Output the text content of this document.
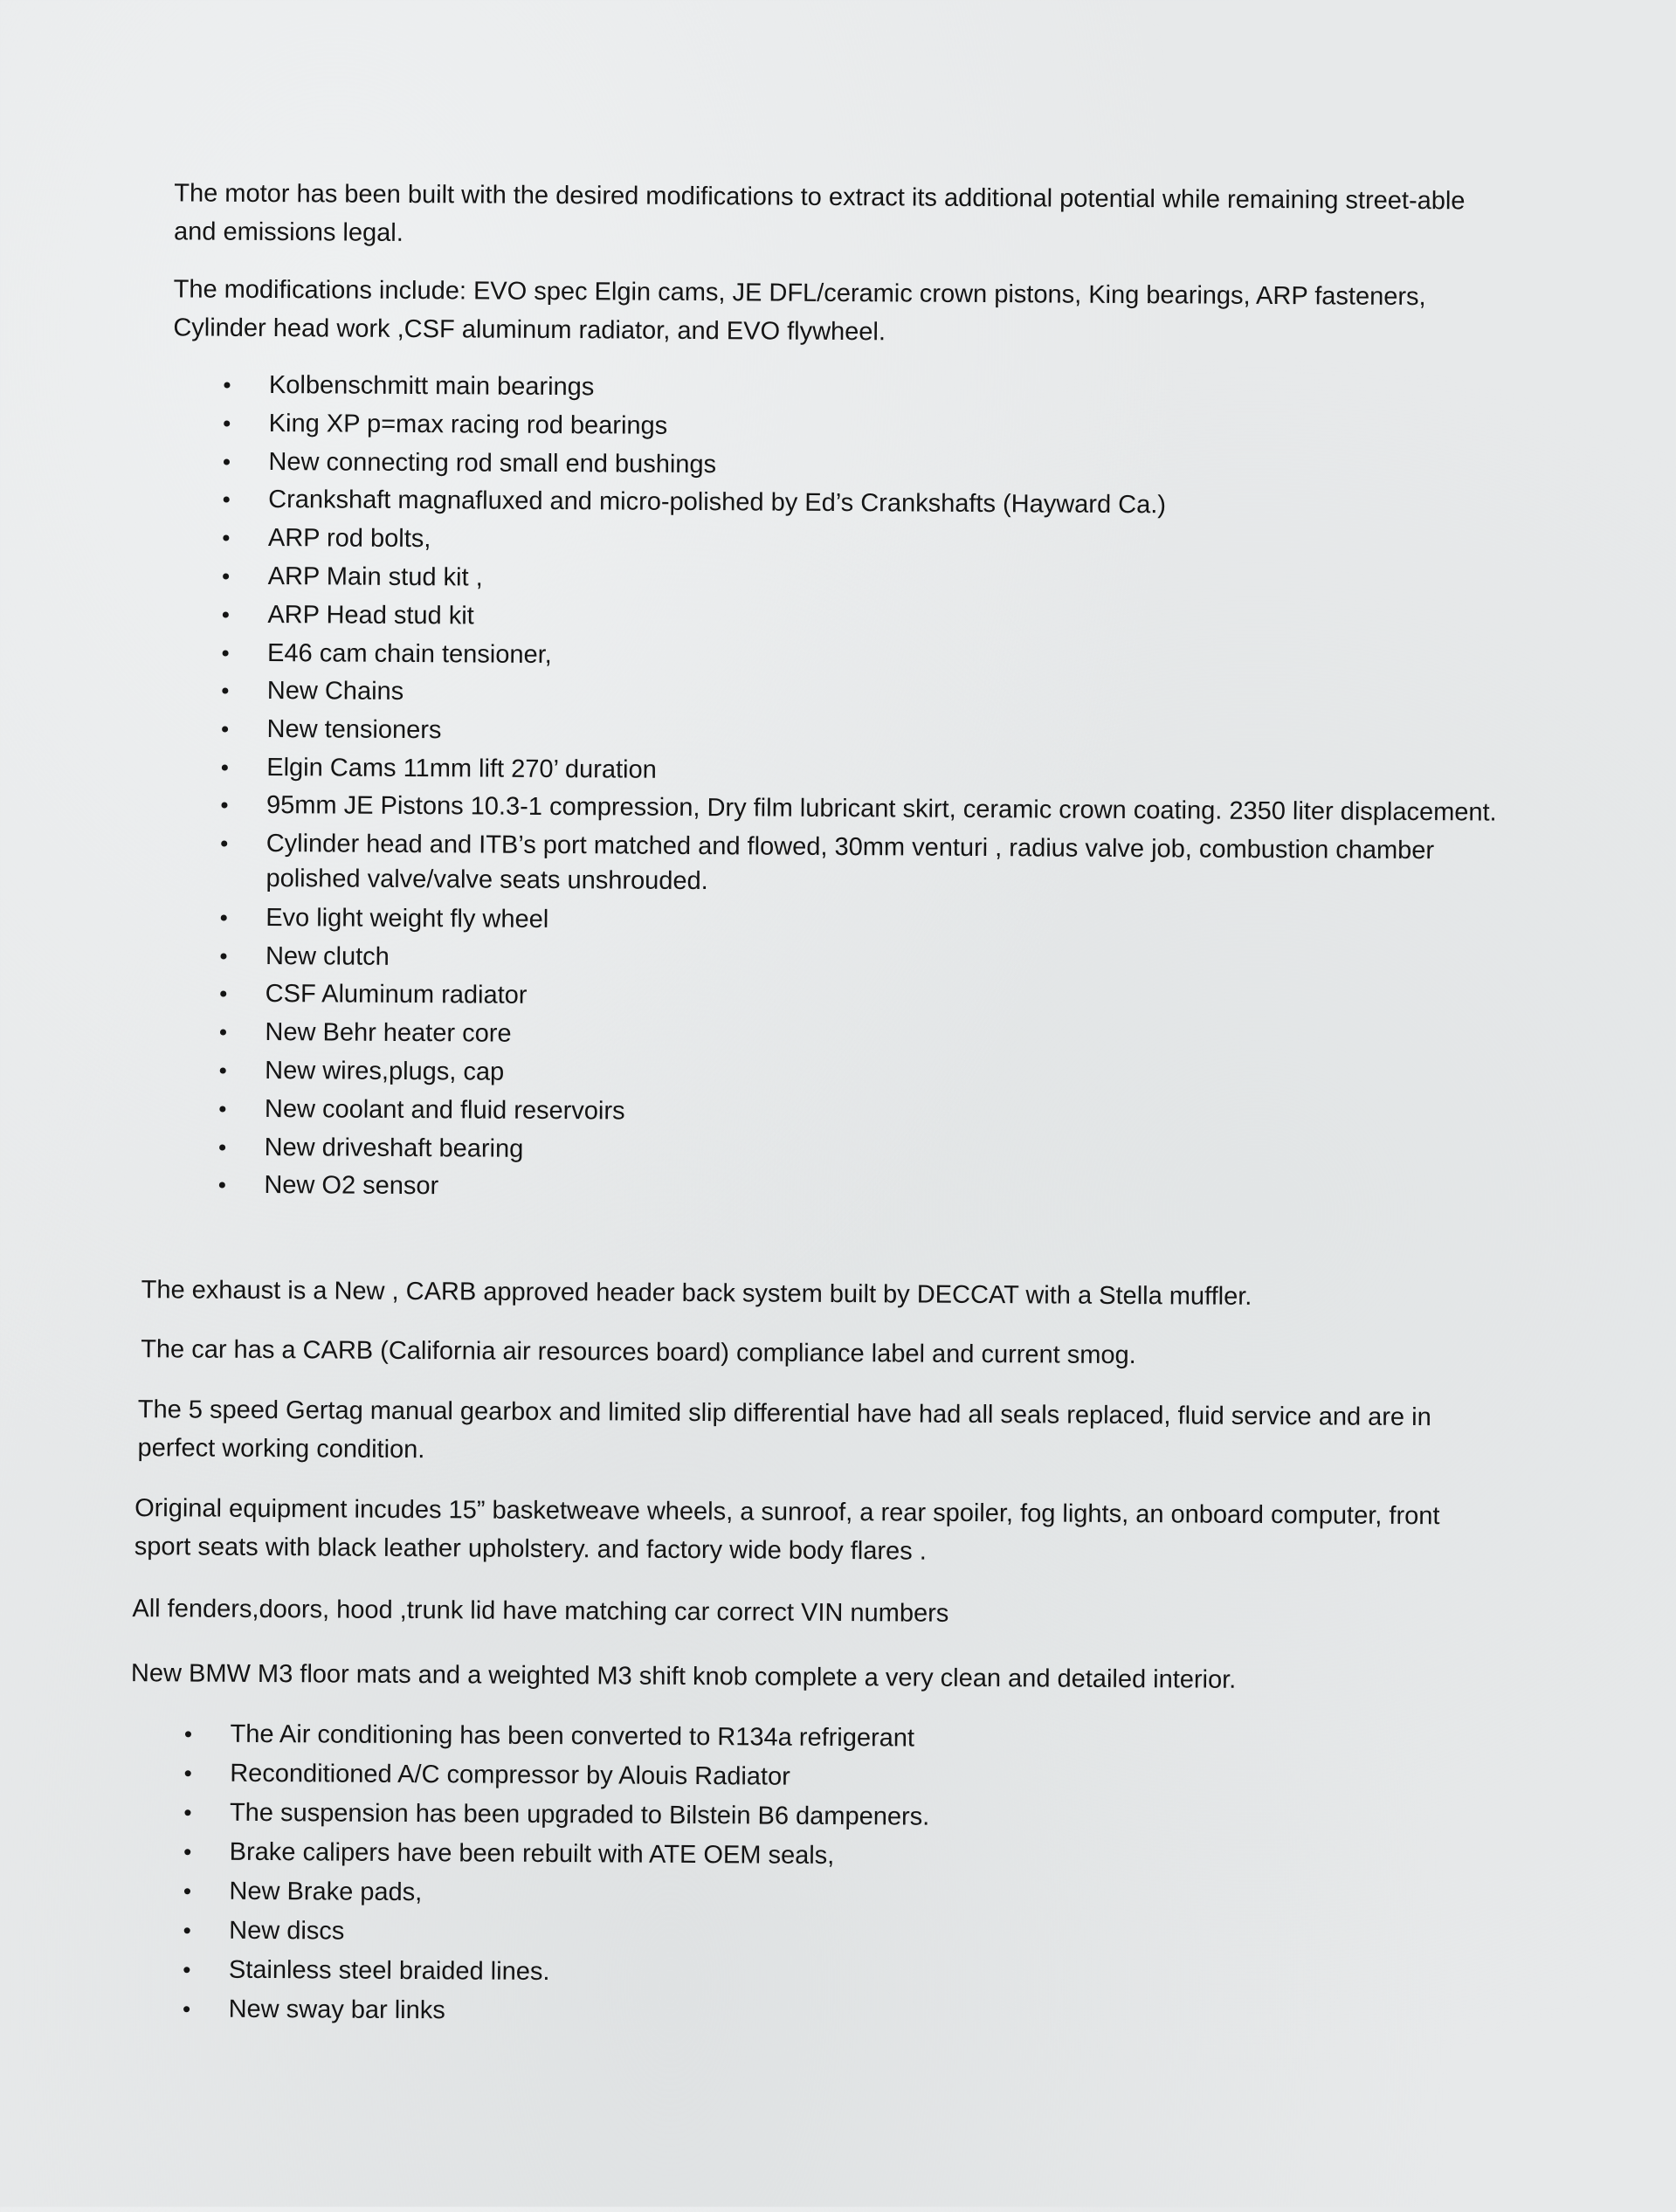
The motor has been built with the desired modifications to extract its additional potential while remaining street-able and emissions legal.

The modifications include: EVO spec Elgin cams, JE DFL/ceramic crown pistons, King bearings, ARP fasteners, Cylinder head work ,CSF aluminum radiator, and EVO flywheel.

• Kolbenschmitt main bearings
• King XP p=max racing rod bearings
• New connecting rod small end bushings
• Crankshaft magnafluxed and micro-polished by Ed’s Crankshafts (Hayward Ca.)
• ARP rod bolts,
• ARP Main stud kit ,
• ARP Head stud kit
• E46 cam chain tensioner,
• New Chains
• New tensioners
• Elgin Cams 11mm lift 270’ duration
• 95mm JE Pistons 10.3-1 compression, Dry film lubricant skirt, ceramic crown coating. 2350 liter displacement.
• Cylinder head and ITB’s port matched and flowed, 30mm venturi , radius valve job, combustion chamber polished valve/valve seats unshrouded.
• Evo light weight fly wheel
• New clutch
• CSF Aluminum radiator
• New Behr heater core
• New wires,plugs, cap
• New coolant and fluid reservoirs
• New driveshaft bearing
• New O2 sensor

The exhaust is a New , CARB approved header back system built by DECCAT with a Stella muffler.

The car has a CARB (California air resources board) compliance label and current smog.

The 5 speed Gertag manual gearbox and limited slip differential have had all seals replaced, fluid service and are in perfect working condition.

Original equipment incudes 15” basketweave wheels, a sunroof, a rear spoiler, fog lights, an onboard computer, front sport seats with black leather upholstery. and factory wide body flares .

All fenders,doors, hood ,trunk lid have matching car correct VIN numbers

New BMW M3 floor mats and a weighted M3 shift knob complete a very clean and detailed interior.

• The Air conditioning has been converted to R134a refrigerant
• Reconditioned A/C compressor by Alouis Radiator
• The suspension has been upgraded to Bilstein B6 dampeners.
• Brake calipers have been rebuilt with ATE OEM seals,
• New Brake pads,
• New discs
• Stainless steel braided lines.
• New sway bar links
